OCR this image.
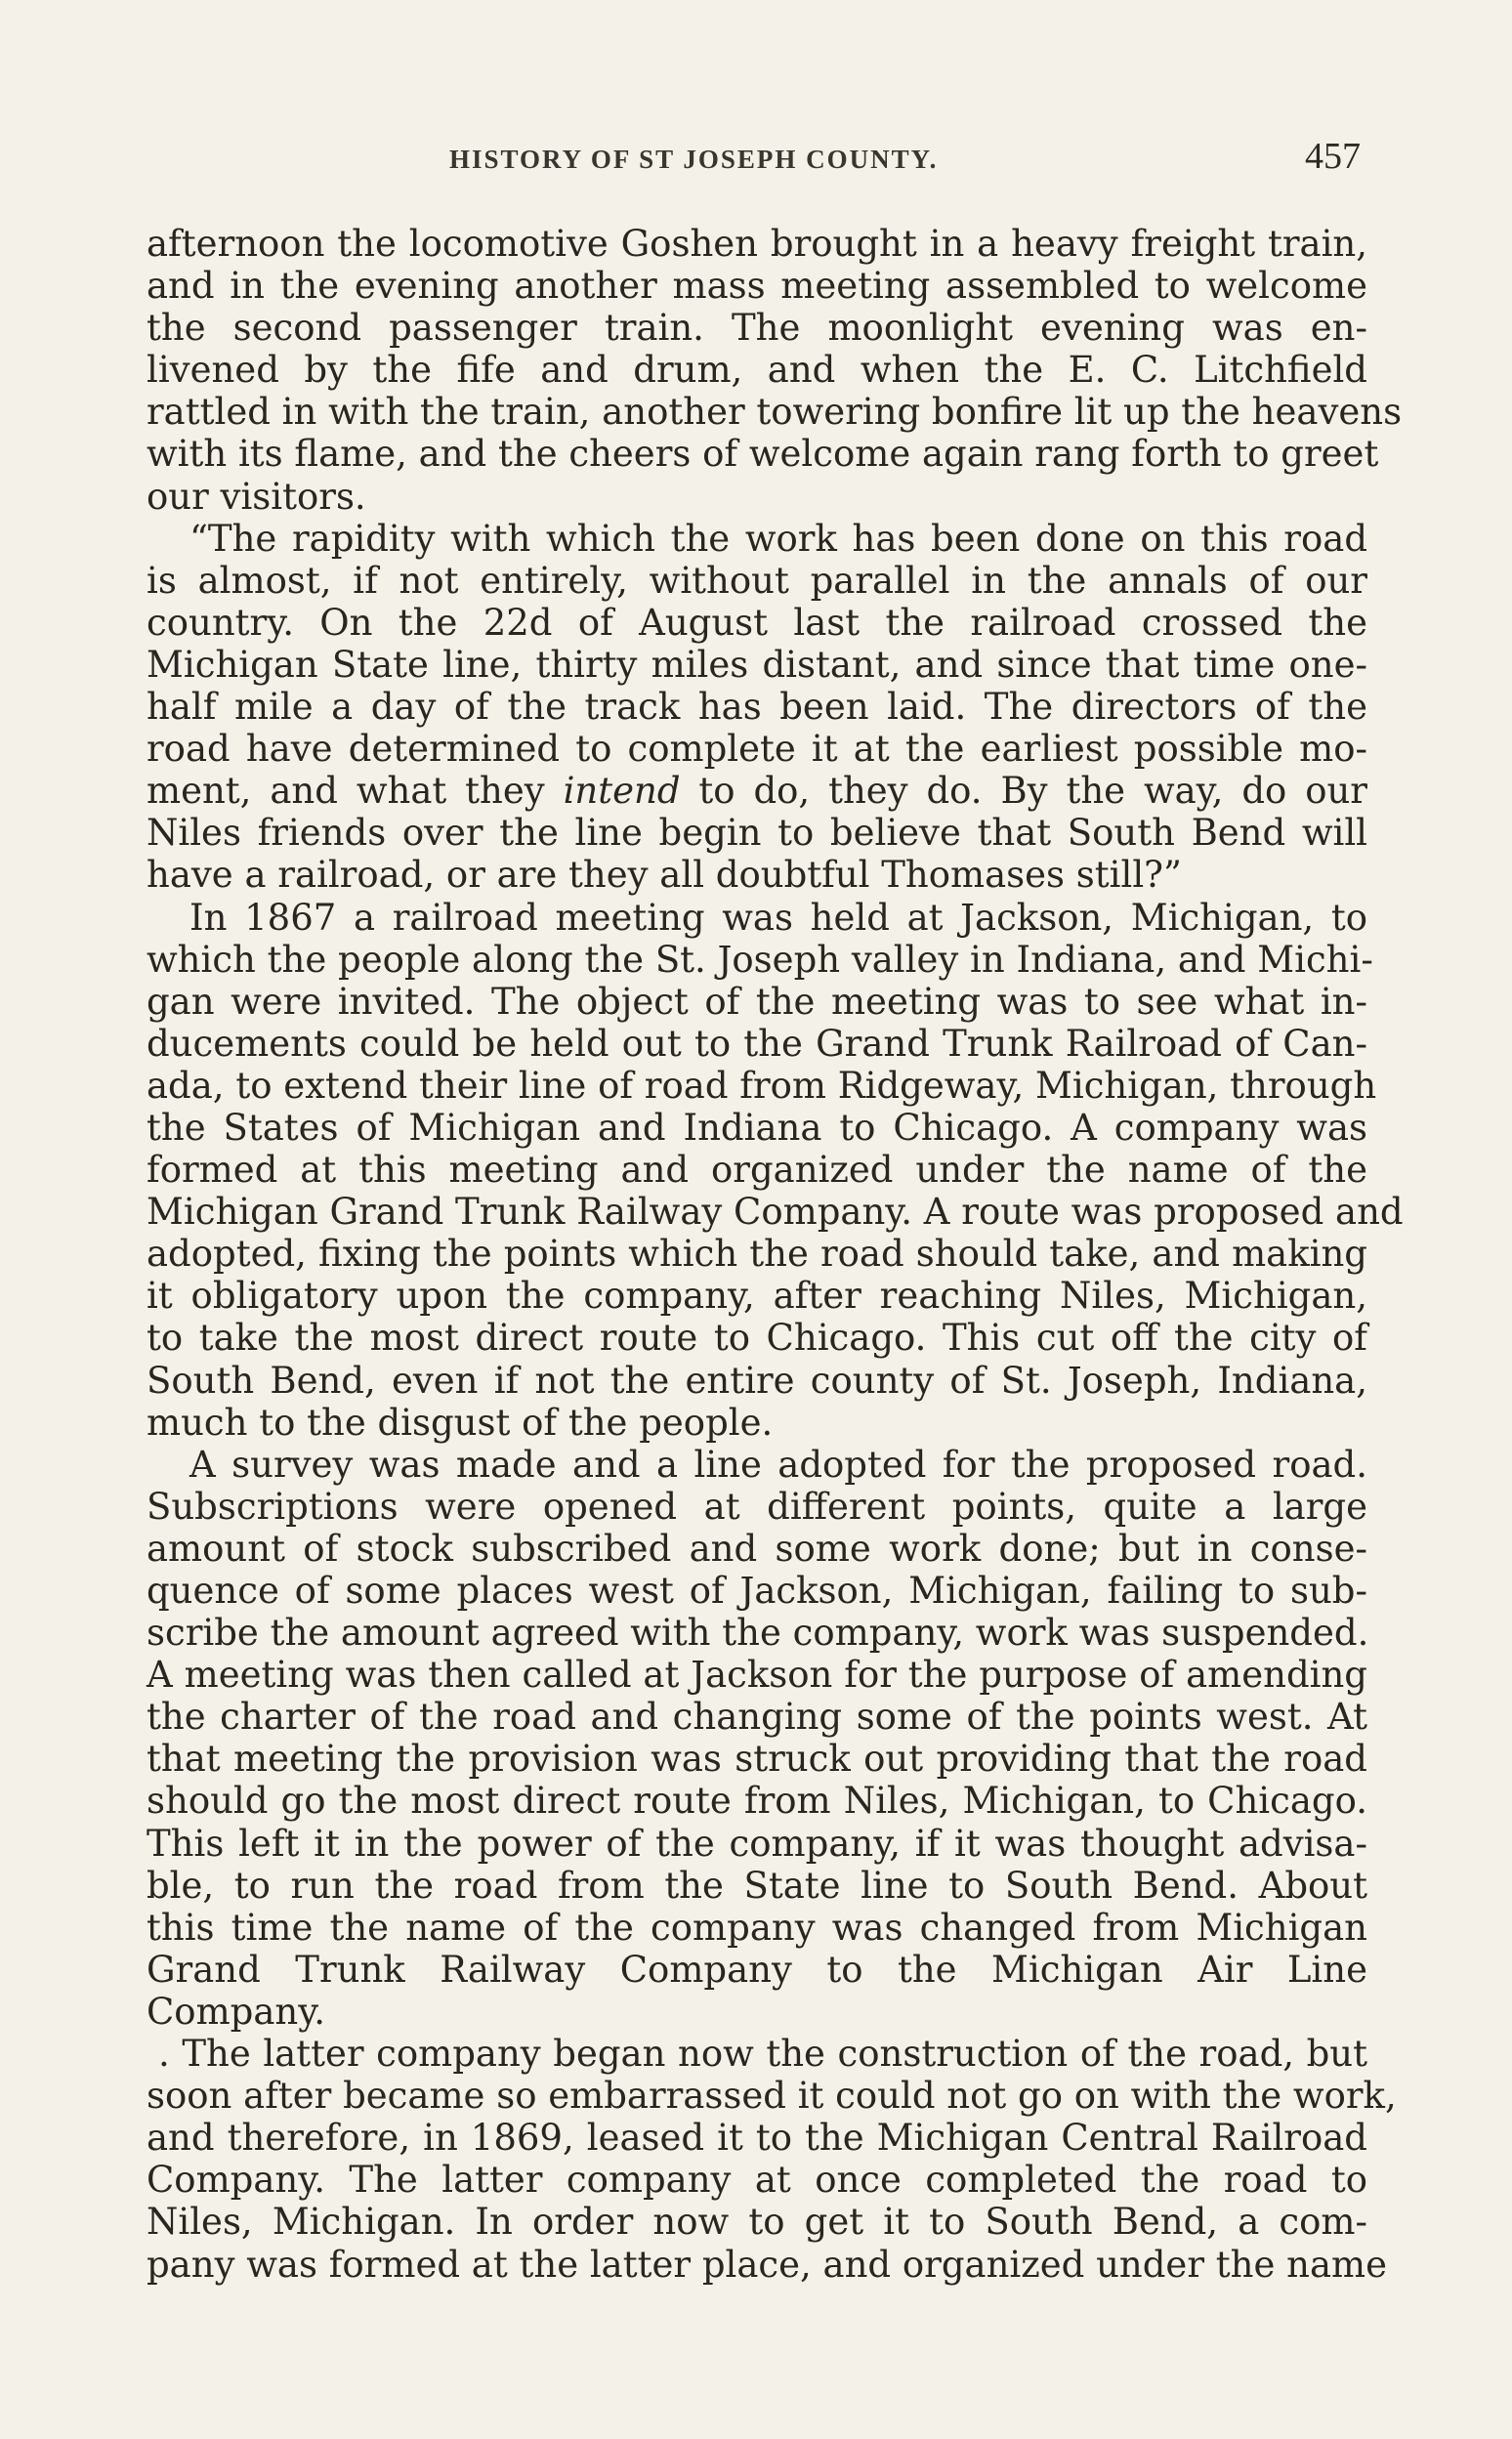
HISTORY OF ST JOSEPH COUNTY.	457
afternoon the locomotive Goshen brought in a heavy freight train,
and in the evening another mass meeting assembled to welcome
the second passenger train. The moonlight evening was en-
livened by the fife and drum, and when the E. C. Litchfield
rattled in with the train, another towering bonfire lit up the heavens
with its flame, and the cheers of welcome again rang forth to greet
our visitors.
“The rapidity with which the work has been done on this road
is almost, if not entirely, without parallel in the annals of our
country. On the 22d of August last the railroad crossed the
Michigan State line, thirty miles distant, and since that time one-
half mile a day of the track has been laid. The directors of the
road have determined to complete it at the earliest possible mo-
ment, and what they intend to do, they do. By the way, do our
Niles friends over the line begin to believe that South Bend will
have a railroad, or are they all doubtful Thomases still?”
In 1867 a railroad meeting was held at Jackson, Michigan, to
which the people along the St. Joseph valley in Indiana, and Michi-
gan were invited. The object of the meeting was to see what in-
ducements could be held out to the Grand Trunk Railroad of Can-
ada, to extend their line of road from Ridgeway, Michigan, through
the States of Michigan and Indiana to Chicago. A company was
formed at this meeting and organized under the name of the
Michigan Grand Trunk Railway Company. A route was proposed and
adopted, fixing the points which the road should take, and making
it obligatory upon the company, after reaching Niles, Michigan,
to take the most direct route to Chicago. This cut off the city of
South Bend, even if not the entire county of St. Joseph, Indiana,
much to the disgust of the people.
A survey was made and a line adopted for the proposed road.
Subscriptions were opened at different points, quite a large
amount of stock subscribed and some work done; but in conse-
quence of some places west of Jackson, Michigan, failing to sub-
scribe the amount agreed with the company, work was suspended.
A meeting was then called at Jackson for the purpose of amending
the charter of the road and changing some of the points west. At
that meeting the provision was struck out providing that the road
should go the most direct route from Niles, Michigan, to Chicago.
This left it in the power of the company, if it was thought advisa-
ble, to run the road from the State line to South Bend. About
this time the name of the company was changed from Michigan
Grand Trunk Railway Company to the Michigan Air Line
Company.
. The latter company began now the construction of the road, but
soon after became so embarrassed it could not go on with the work,
and therefore, in 1869, leased it to the Michigan Central Railroad
Company. The latter company at once completed the road to
Niles, Michigan. In order now to get it to South Bend, a com-
pany was formed at the latter place, and organized under the name
